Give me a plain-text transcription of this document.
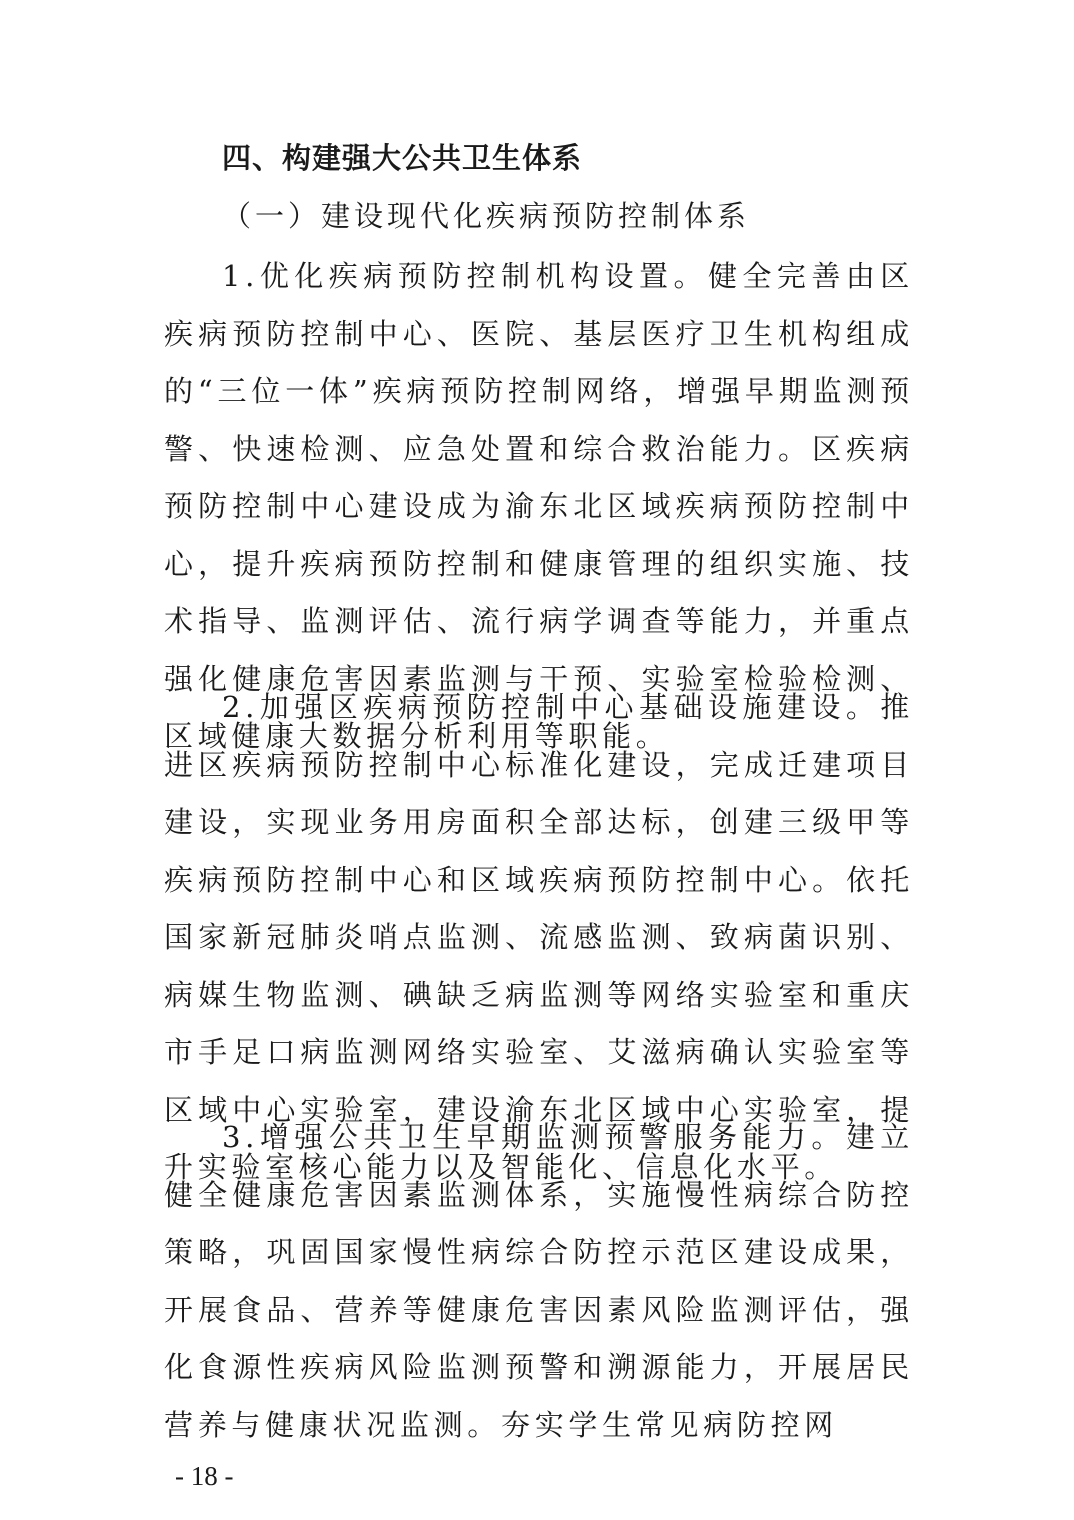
四、构建强大公共卫生体系
（一）建设现代化疾病预防控制体系

1.优化疾病预防控制机构设置。健全完善由区疾病预防控制中心、医院、基层医疗卫生机构组成的“三位一体”疾病预防控制网络，增强早期监测预警、快速检测、应急处置和综合救治能力。区疾病预防控制中心建设成为渝东北区域疾病预防控制中心，提升疾病预防控制和健康管理的组织实施、技术指导、监测评估、流行病学调查等能力，并重点强化健康危害因素监测与干预、实验室检验检测、区域健康大数据分析利用等职能。

2.加强区疾病预防控制中心基础设施建设。推进区疾病预防控制中心标准化建设，完成迁建项目建设，实现业务用房面积全部达标，创建三级甲等疾病预防控制中心和区域疾病预防控制中心。依托国家新冠肺炎哨点监测、流感监测、致病菌识别、病媒生物监测、碘缺乏病监测等网络实验室和重庆市手足口病监测网络实验室、艾滋病确认实验室等区域中心实验室，建设渝东北区域中心实验室，提升实验室核心能力以及智能化、信息化水平。

3.增强公共卫生早期监测预警服务能力。建立健全健康危害因素监测体系，实施慢性病综合防控策略，巩固国家慢性病综合防控示范区建设成果，开展食品、营养等健康危害因素风险监测评估，强化食源性疾病风险监测预警和溯源能力，开展居民营养与健康状况监测。夯实学生常见病防控网

- 18 -
